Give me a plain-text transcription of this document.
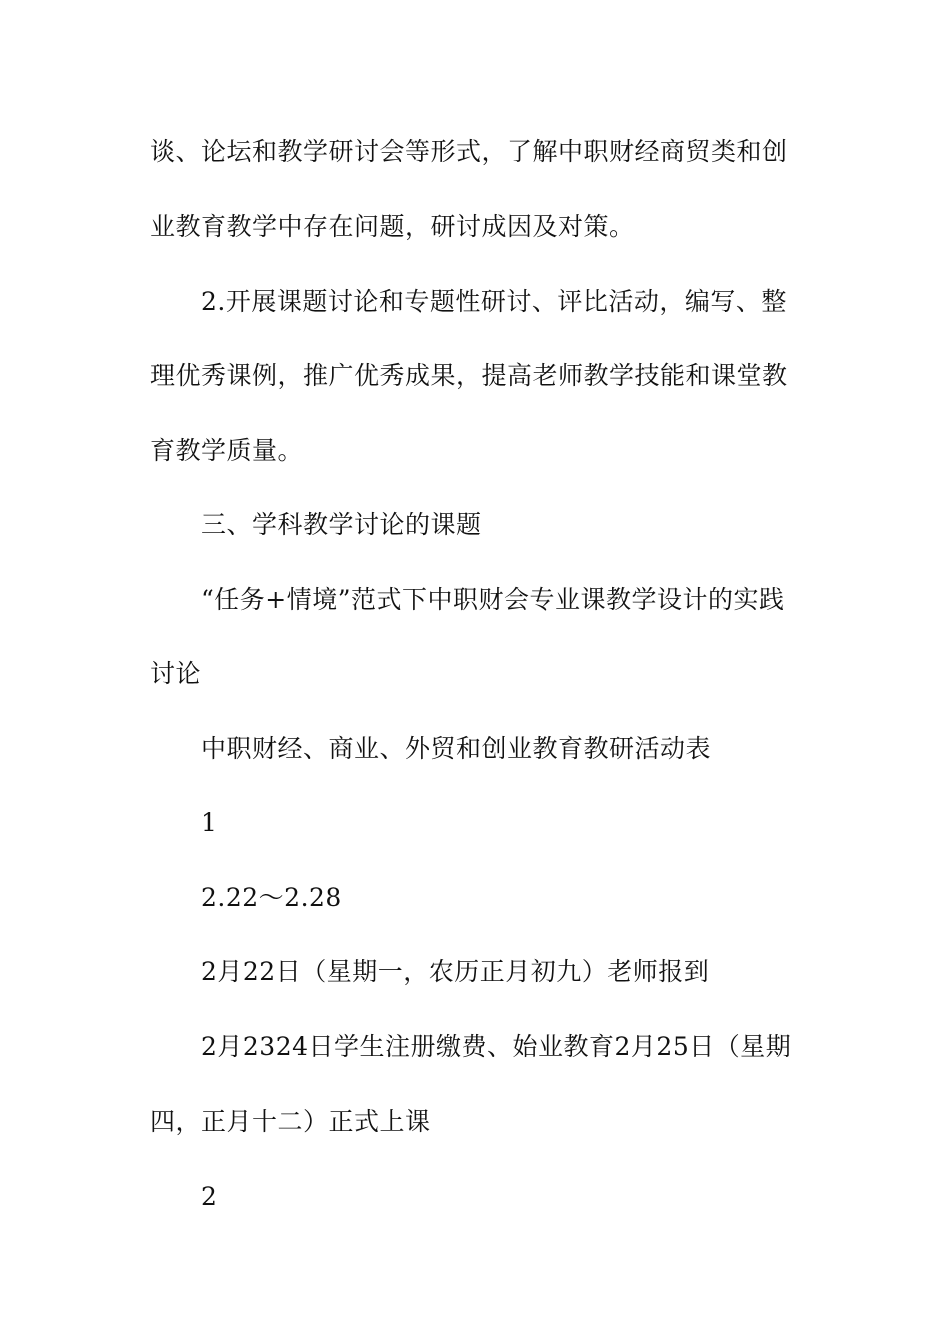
谈、论坛和教学研讨会等形式，了解中职财经商贸类和创
业教育教学中存在问题，研讨成因及对策。
2.开展课题讨论和专题性研讨、评比活动，编写、整
理优秀课例，推广优秀成果，提高老师教学技能和课堂教
育教学质量。
三、学科教学讨论的课题
“任务+情境”范式下中职财会专业课教学设计的实践
讨论
中职财经、商业、外贸和创业教育教研活动表
1
2.22～2.28
2月22日（星期一，农历正月初九）老师报到
2月2324日学生注册缴费、始业教育2月25日（星期
四，正月十二）正式上课
2
